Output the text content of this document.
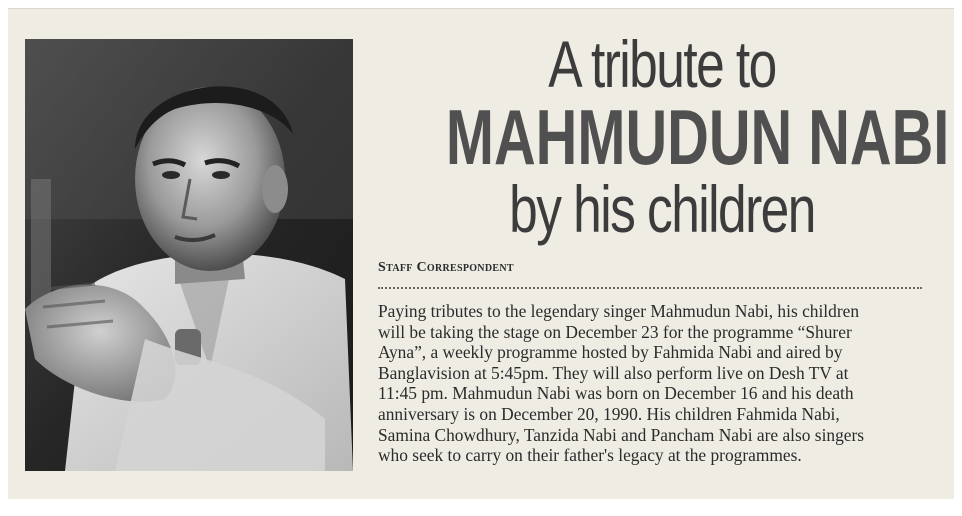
A tribute to
MAHMUDUN NABI
by his children
Staff Correspondent
Paying tributes to the legendary singer Mahmudun Nabi, his children
will be taking the stage on December 23 for the programme “Shurer
Ayna”, a weekly programme hosted by Fahmida Nabi and aired by
Banglavision at 5:45pm. They will also perform live on Desh TV at
11:45 pm. Mahmudun Nabi was born on December 16 and his death
anniversary is on December 20, 1990. His children Fahmida Nabi,
Samina Chowdhury, Tanzida Nabi and Pancham Nabi are also singers
who seek to carry on their father's legacy at the programmes.
